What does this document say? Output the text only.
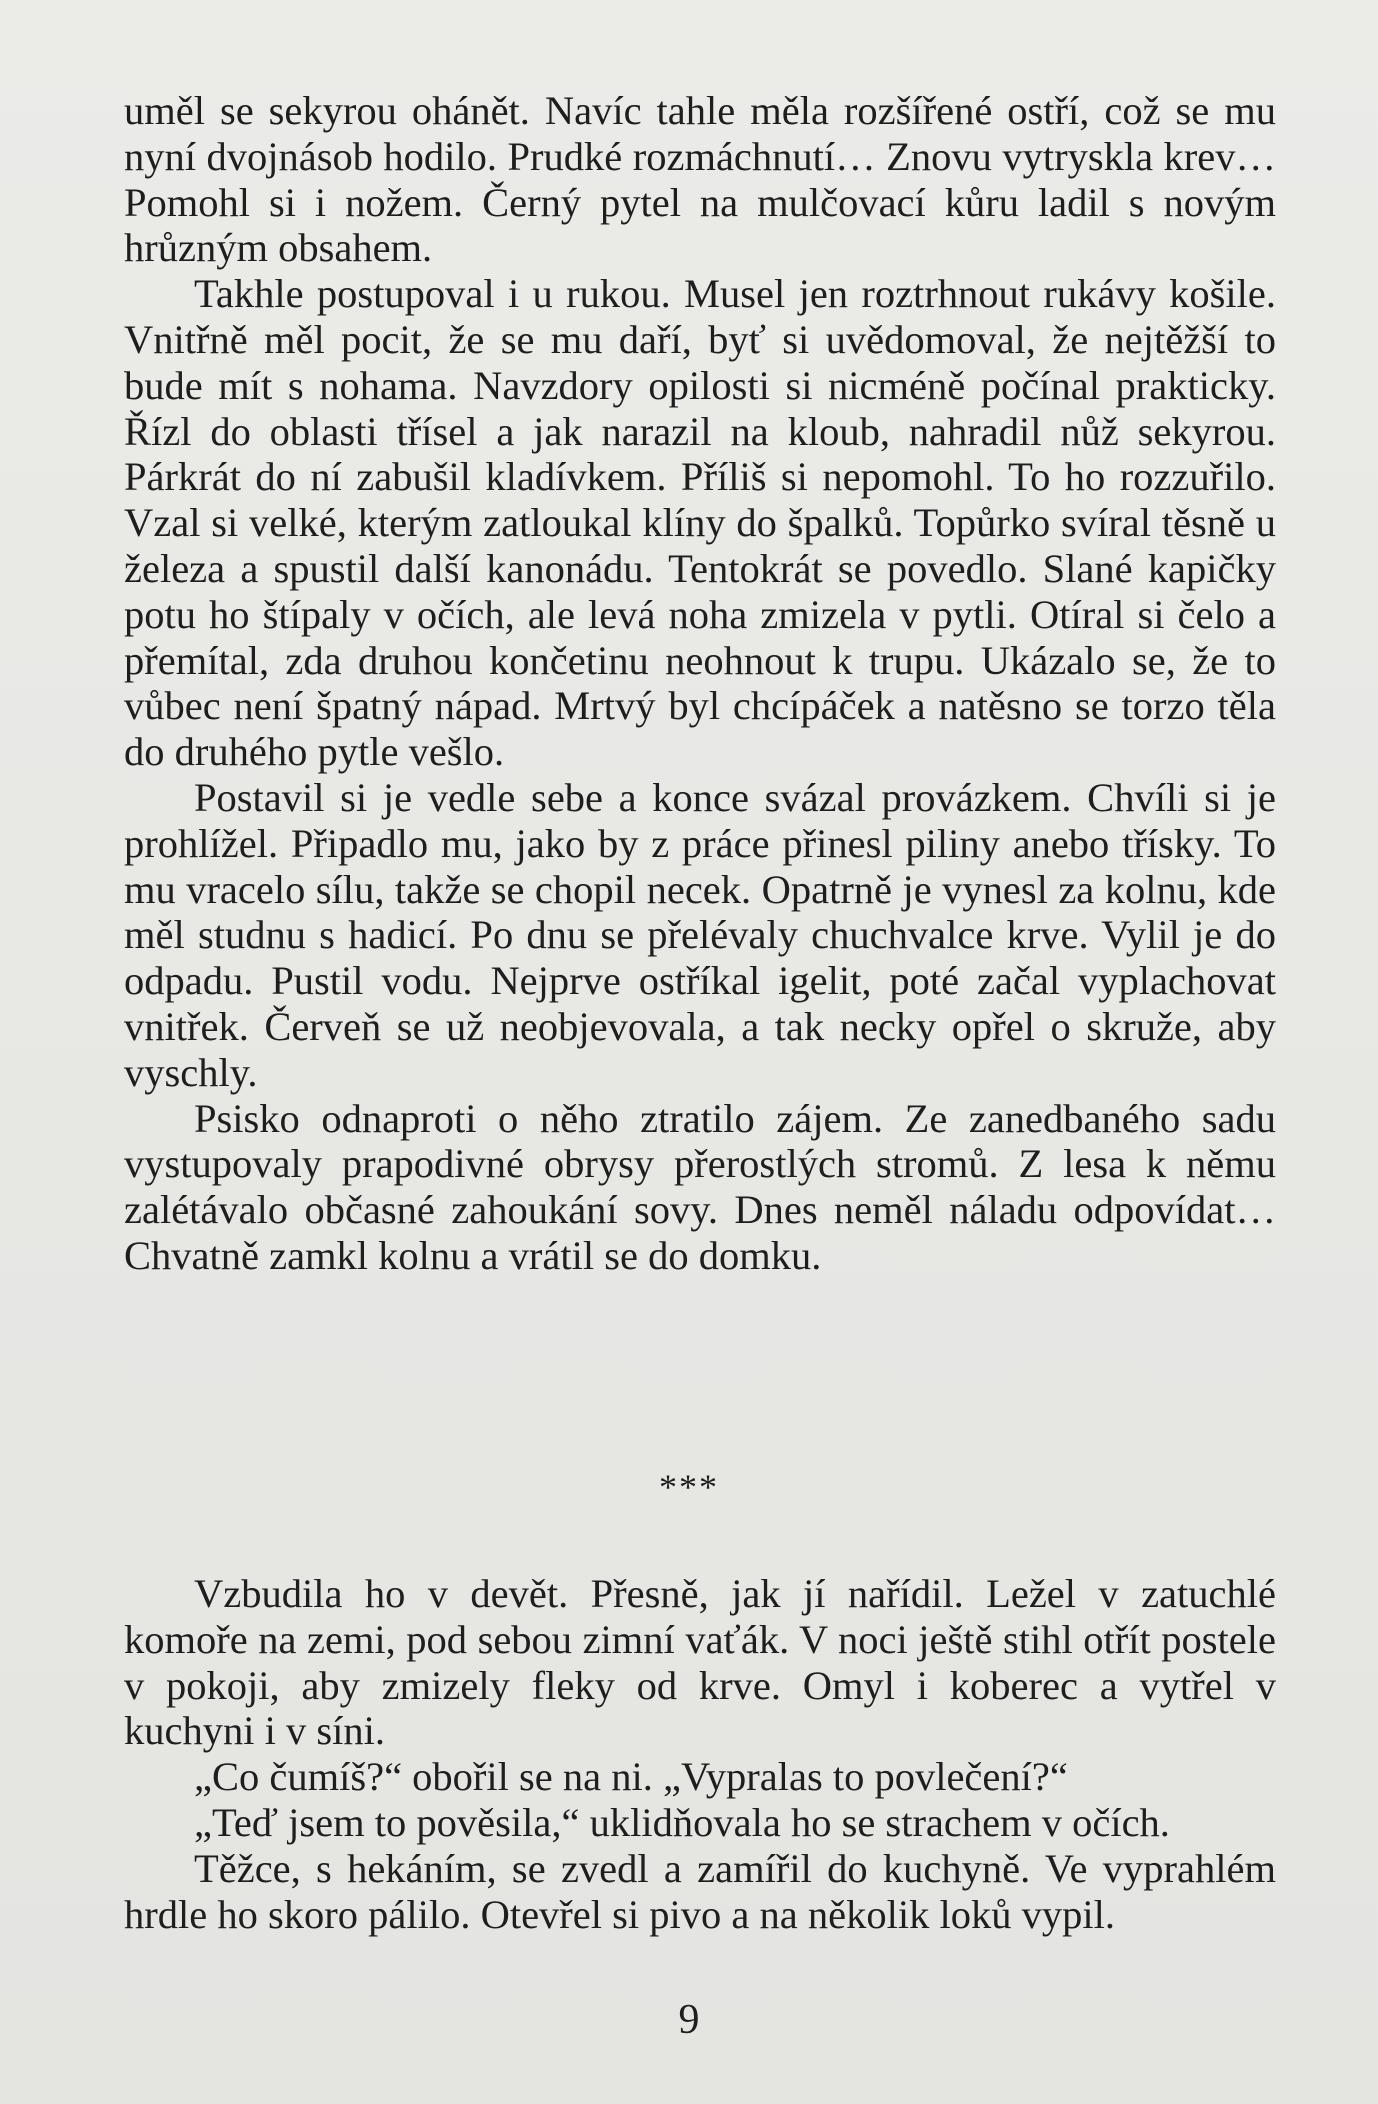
uměl se sekyrou ohánět. Navíc tahle měla rozšířené ostří, což se mu nyní dvojnásob hodilo. Prudké rozmáchnutí… Znovu vytryskla krev… Pomohl si i nožem. Černý pytel na mulčovací kůru ladil s novým hrůzným obsahem.

Takhle postupoval i u rukou. Musel jen roztrhnout rukávy košile. Vnitřně měl pocit, že se mu daří, byť si uvědomoval, že nejtěžší to bude mít s nohama. Navzdory opilosti si nicméně počínal prakticky. Řízl do oblasti třísel a jak narazil na kloub, nahradil nůž sekyrou. Párkrát do ní zabušil kladívkem. Příliš si nepomohl. To ho rozzuřilo. Vzal si velké, kterým zatloukal klíny do špalků. Topůrko svíral těsně u železa a spustil další kanonádu. Tentokrát se povedlo. Slané kapičky potu ho štípaly v očích, ale levá noha zmizela v pytli. Otíral si čelo a přemítal, zda druhou končetinu neohnout k trupu. Ukázalo se, že to vůbec není špatný nápad. Mrtvý byl chcípáček a natěsno se torzo těla do druhého pytle vešlo.

Postavil si je vedle sebe a konce svázal provázkem. Chvíli si je prohlížel. Připadlo mu, jako by z práce přinesl piliny anebo třísky. To mu vracelo sílu, takže se chopil necek. Opatrně je vynesl za kolnu, kde měl studnu s hadicí. Po dnu se přelévaly chuchvalce krve. Vylil je do odpadu. Pustil vodu. Nejprve ostříkal igelit, poté začal vyplachovat vnitřek. Červeň se už neobjevovala, a tak necky opřel o skruže, aby vyschly.

Psisko odnaproti o něho ztratilo zájem. Ze zanedbaného sadu vystupovaly prapodivné obrysy přerostlých stromů. Z lesa k němu zalétávalo občasné zahoukání sovy. Dnes neměl náladu odpovídat… Chvatně zamkl kolnu a vrátil se do domku.

***

Vzbudila ho v devět. Přesně, jak jí nařídil. Ležel v zatuchlé komoře na zemi, pod sebou zimní vaťák. V noci ještě stihl otřít postele v pokoji, aby zmizely fleky od krve. Omyl i koberec a vytřel v kuchyni i v síni.

„Co čumíš?“ obořil se na ni. „Vypralas to povlečení?“

„Teď jsem to pověsila,“ uklidňovala ho se strachem v očích.

Těžce, s hekáním, se zvedl a zamířil do kuchyně. Ve vyprahlém hrdle ho skoro pálilo. Otevřel si pivo a na několik loků vypil.

9
